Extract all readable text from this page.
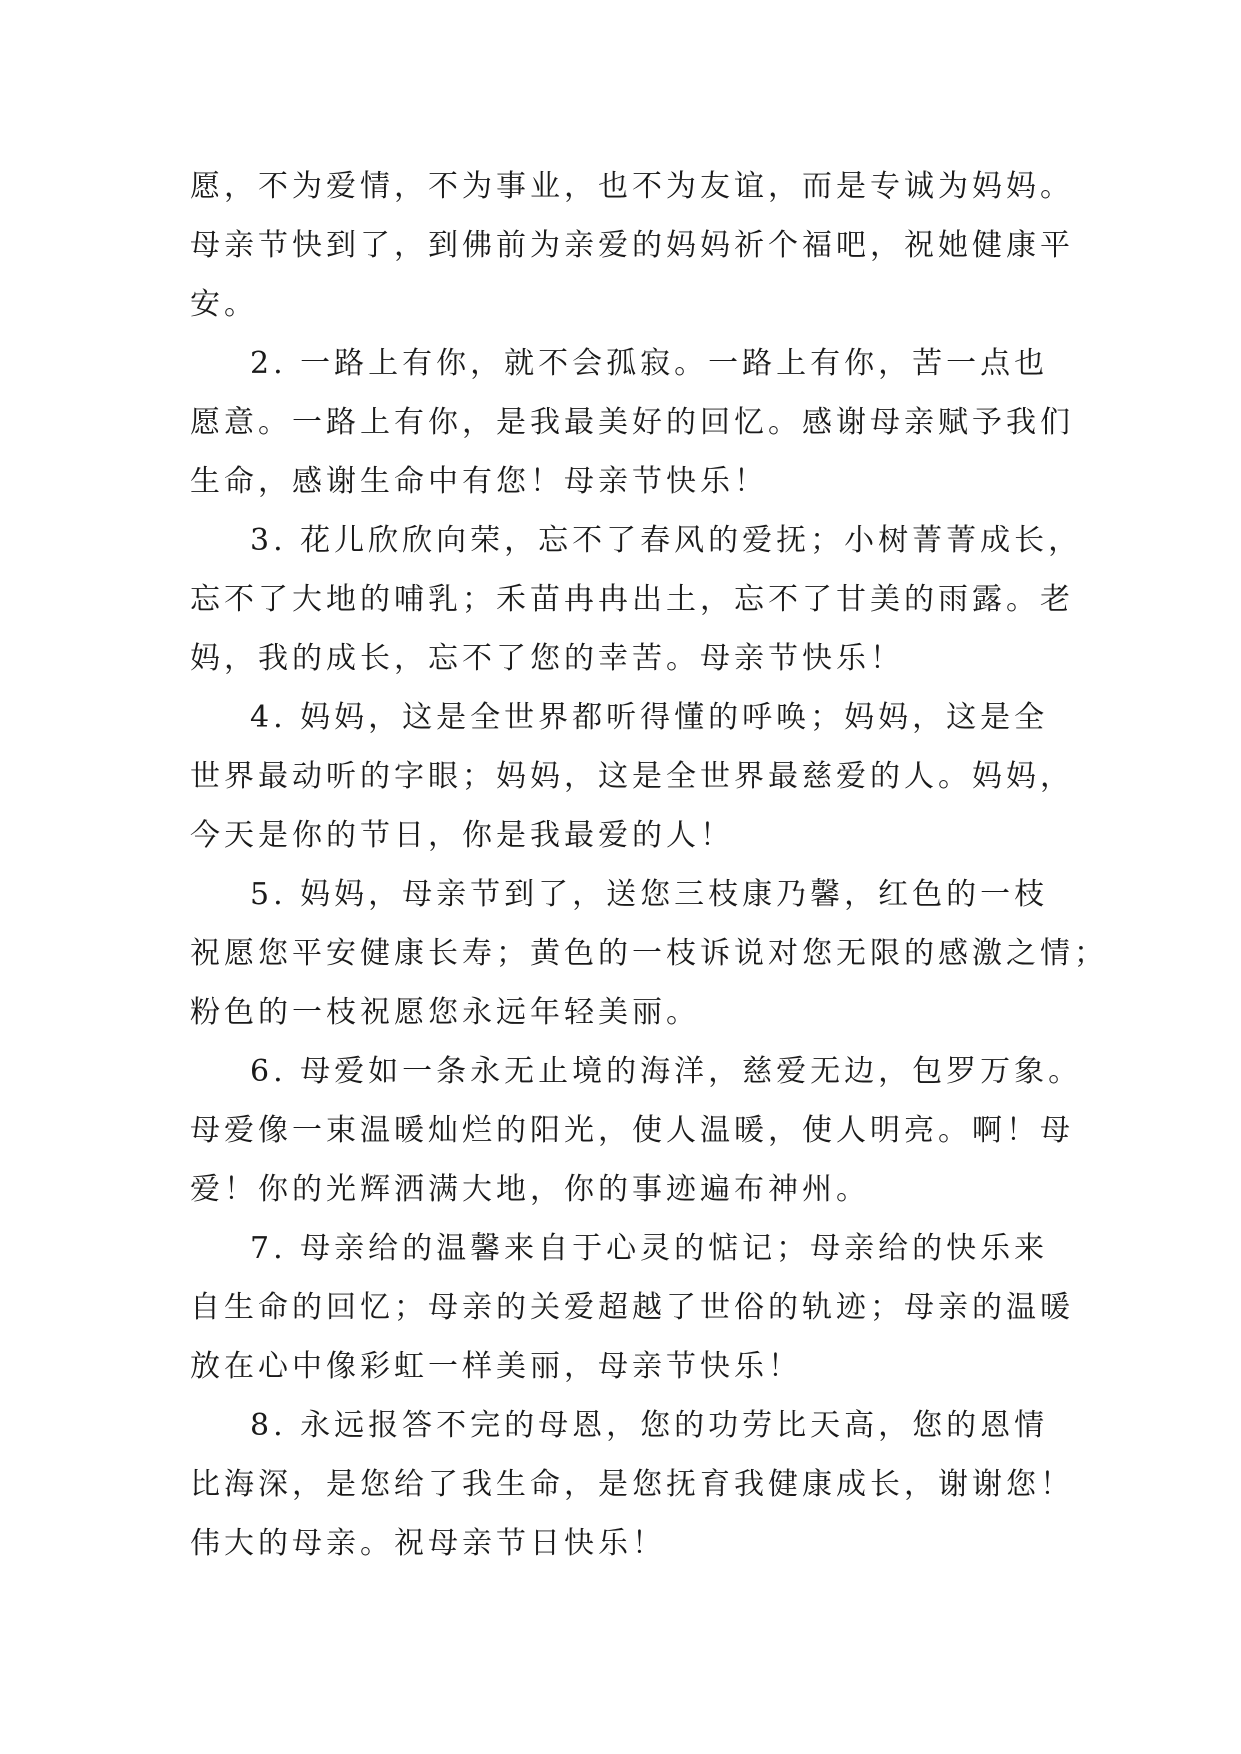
愿，不为爱情，不为事业，也不为友谊，而是专诚为妈妈。
母亲节快到了，到佛前为亲爱的妈妈祈个福吧，祝她健康平
安。

2. 一路上有你，就不会孤寂。一路上有你，苦一点也
愿意。一路上有你，是我最美好的回忆。感谢母亲赋予我们
生命，感谢生命中有您！母亲节快乐！

3. 花儿欣欣向荣，忘不了春风的爱抚；小树菁菁成长，
忘不了大地的哺乳；禾苗冉冉出土，忘不了甘美的雨露。老
妈，我的成长，忘不了您的幸苦。母亲节快乐！

4. 妈妈，这是全世界都听得懂的呼唤；妈妈，这是全
世界最动听的字眼；妈妈，这是全世界最慈爱的人。妈妈，
今天是你的节日，你是我最爱的人！

5. 妈妈，母亲节到了，送您三枝康乃馨，红色的一枝
祝愿您平安健康长寿；黄色的一枝诉说对您无限的感激之情；
粉色的一枝祝愿您永远年轻美丽。

6. 母爱如一条永无止境的海洋，慈爱无边，包罗万象。
母爱像一束温暖灿烂的阳光，使人温暖，使人明亮。啊！母
爱！你的光辉洒满大地，你的事迹遍布神州。

7. 母亲给的温馨来自于心灵的惦记；母亲给的快乐来
自生命的回忆；母亲的关爱超越了世俗的轨迹；母亲的温暖
放在心中像彩虹一样美丽，母亲节快乐！

8. 永远报答不完的母恩，您的功劳比天高，您的恩情
比海深，是您给了我生命，是您抚育我健康成长，谢谢您！
伟大的母亲。祝母亲节日快乐！
